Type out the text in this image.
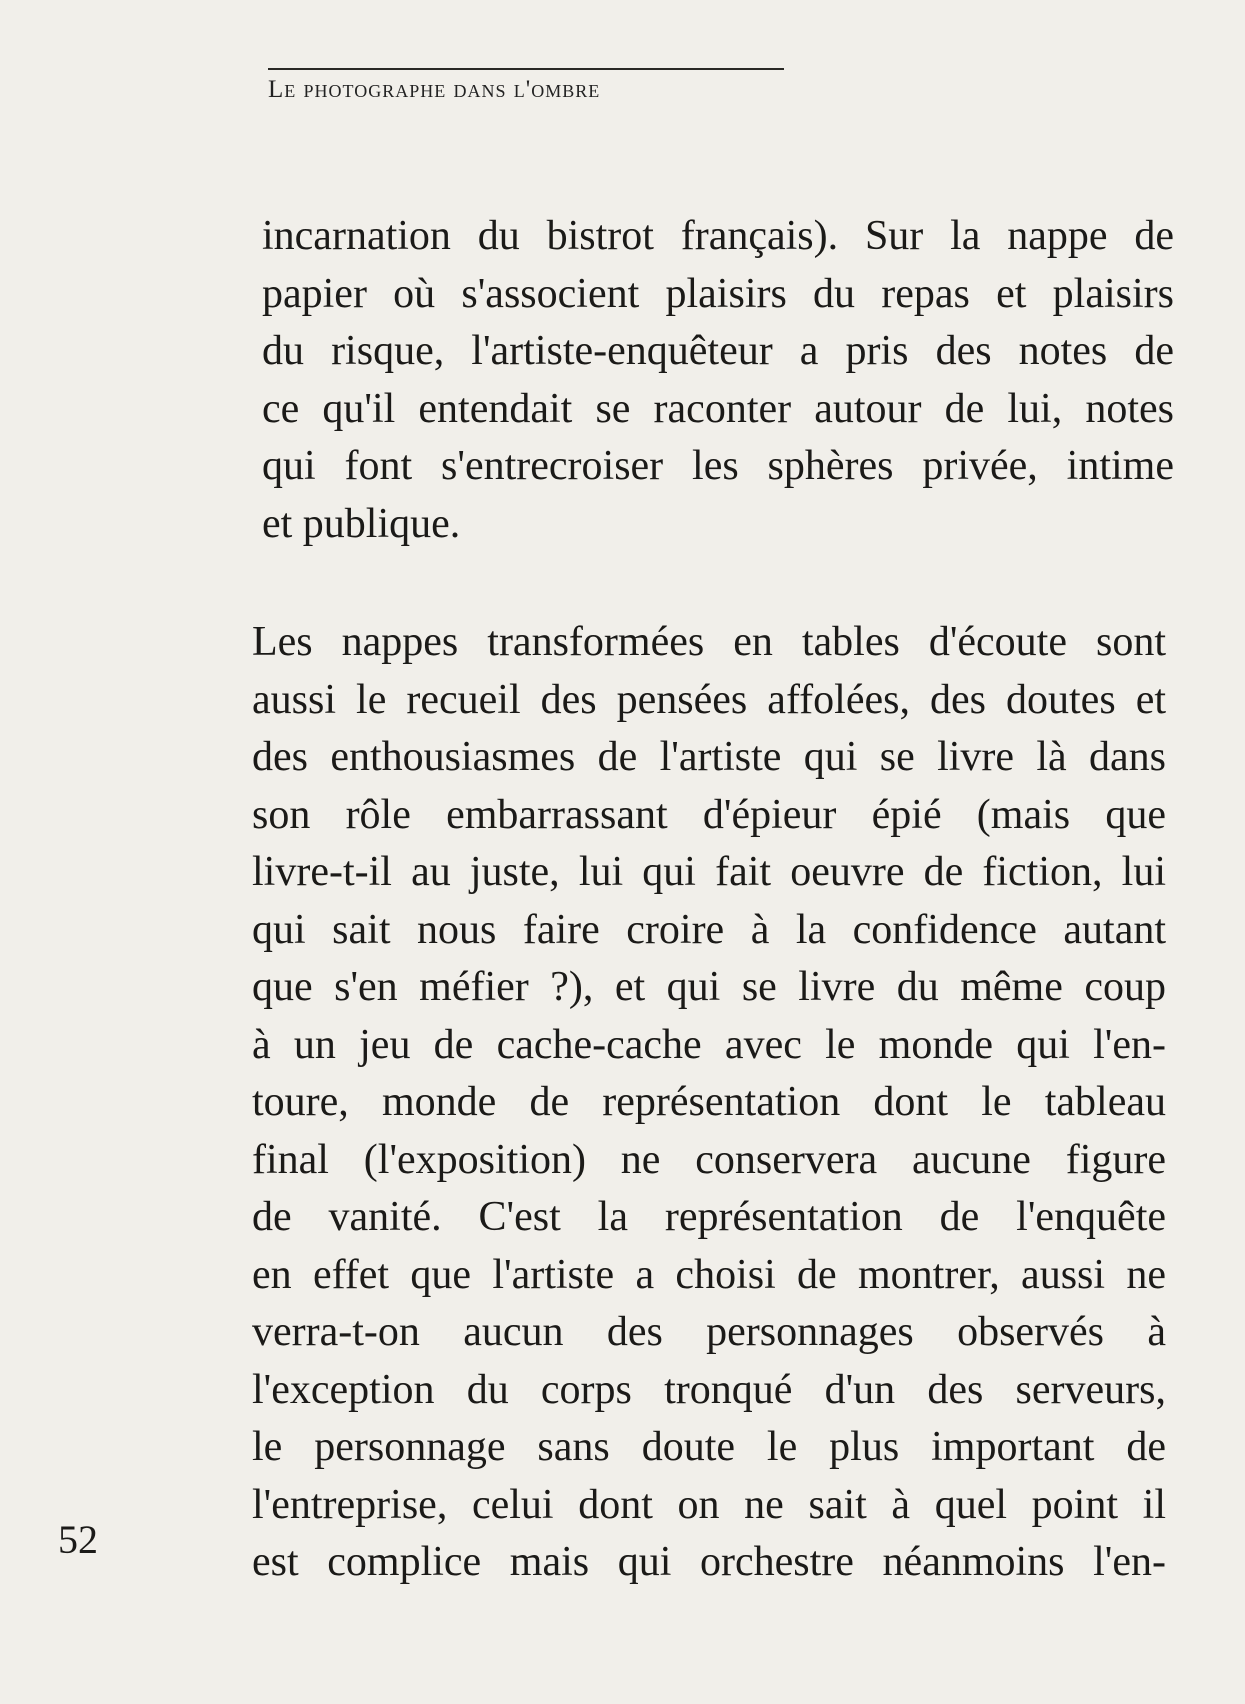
Le photographe dans l'ombre
incarnation du bistrot français). Sur la nappe de
papier où s'associent plaisirs du repas et plaisirs
du risque, l'artiste-enquêteur a pris des notes de
ce qu'il entendait se raconter autour de lui, notes
qui font s'entrecroiser les sphères privée, intime
et publique.
Les nappes transformées en tables d'écoute sont
aussi le recueil des pensées affolées, des doutes et
des enthousiasmes de l'artiste qui se livre là dans
son rôle embarrassant d'épieur épié (mais que
livre-t-il au juste, lui qui fait oeuvre de fiction, lui
qui sait nous faire croire à la confidence autant
que s'en méfier ?), et qui se livre du même coup
à un jeu de cache-cache avec le monde qui l'en-
toure, monde de représentation dont le tableau
final (l'exposition) ne conservera aucune figure
de vanité. C'est la représentation de l'enquête
en effet que l'artiste a choisi de montrer, aussi ne
verra-t-on aucun des personnages observés à
l'exception du corps tronqué d'un des serveurs,
le personnage sans doute le plus important de
l'entreprise, celui dont on ne sait à quel point il
est complice mais qui orchestre néanmoins l'en-
52
